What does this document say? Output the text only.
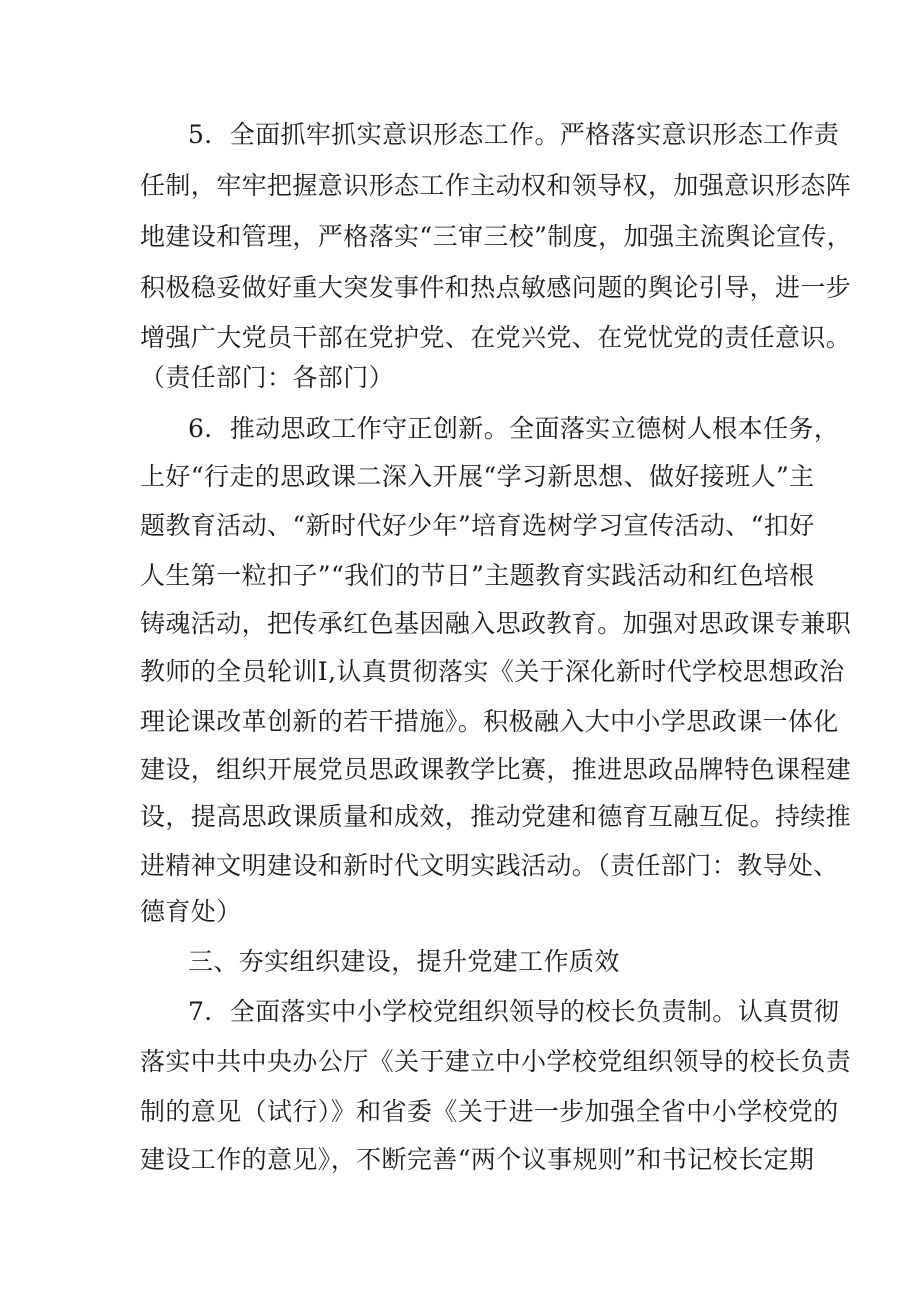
5．全面抓牢抓实意识形态工作。严格落实意识形态工作责
任制，牢牢把握意识形态工作主动权和领导权，加强意识形态阵
地建设和管理，严格落实“三审三校”制度，加强主流舆论宣传，
积极稳妥做好重大突发事件和热点敏感问题的舆论引导，进一步
增强广大党员干部在党护党、在党兴党、在党忧党的责任意识。
（责任部门：各部门）
6．推动思政工作守正创新。全面落实立德树人根本任务，
上好“行走的思政课二深入开展“学习新思想、做好接班人”主
题教育活动、“新时代好少年”培育选树学习宣传活动、“扣好
人生第一粒扣子”“我们的节日”主题教育实践活动和红色培根
铸魂活动，把传承红色基因融入思政教育。加强对思政课专兼职
教师的全员轮训I,认真贯彻落实《关于深化新时代学校思想政治
理论课改革创新的若干措施》。积极融入大中小学思政课一体化
建设，组织开展党员思政课教学比赛，推进思政品牌特色课程建
设，提高思政课质量和成效，推动党建和德育互融互促。持续推
进精神文明建设和新时代文明实践活动。（责任部门：教导处、
德育处）
三、夯实组织建设，提升党建工作质效
7．全面落实中小学校党组织领导的校长负责制。认真贯彻
落实中共中央办公厅《关于建立中小学校党组织领导的校长负责
制的意见（试行）》和省委《关于进一步加强全省中小学校党的
建设工作的意见》，不断完善“两个议事规则”和书记校长定期
